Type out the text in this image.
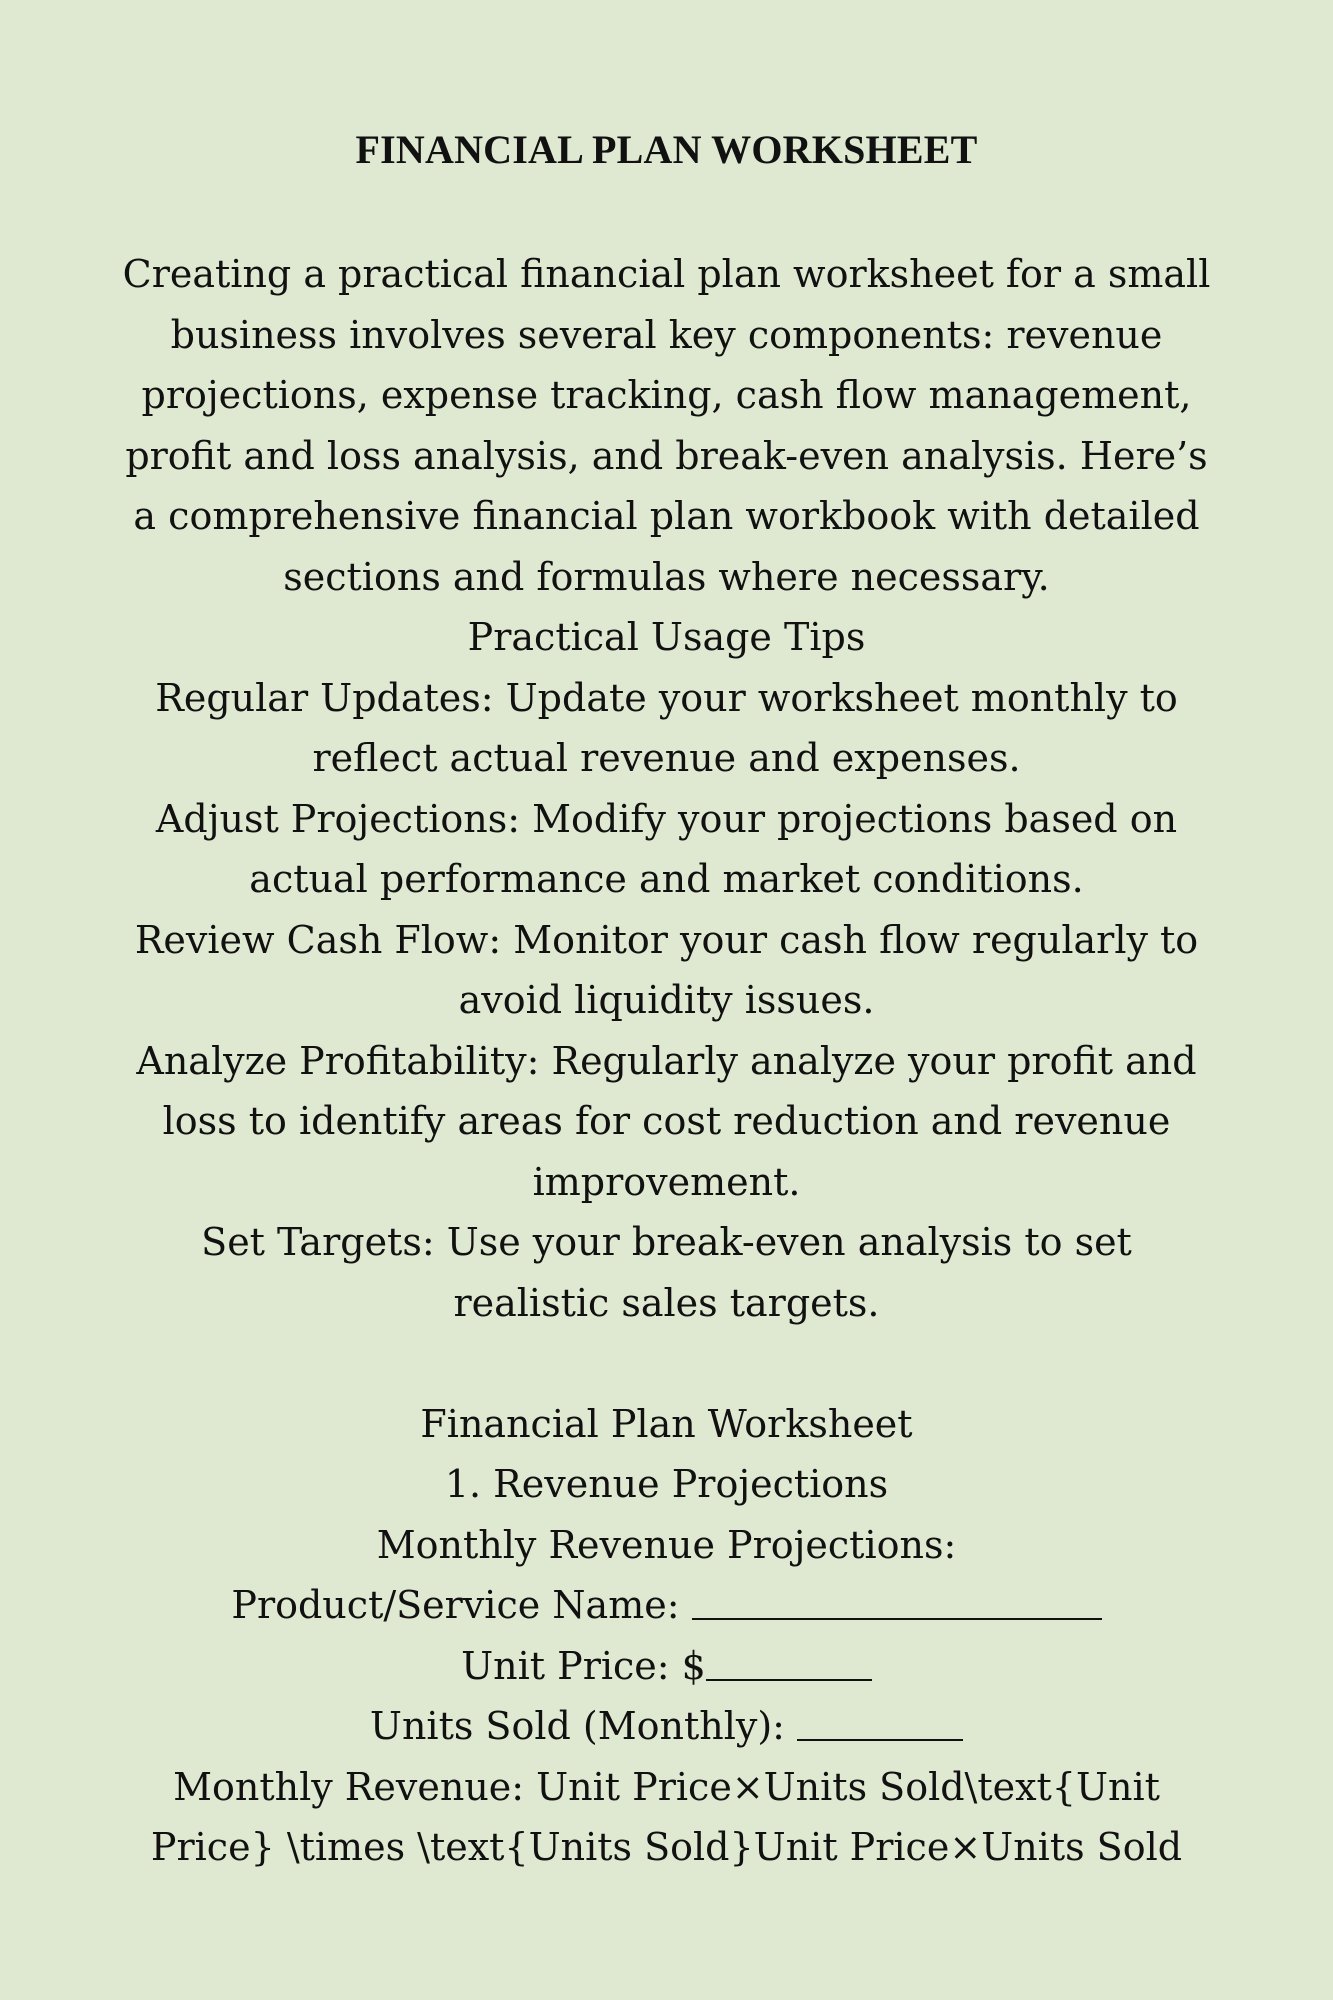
FINANCIAL PLAN WORKSHEET

Creating a practical financial plan worksheet for a small business involves several key components: revenue projections, expense tracking, cash flow management, profit and loss analysis, and break-even analysis. Here’s a comprehensive financial plan workbook with detailed sections and formulas where necessary.

Practical Usage Tips

Regular Updates: Update your worksheet monthly to reflect actual revenue and expenses.

Adjust Projections: Modify your projections based on actual performance and market conditions.

Review Cash Flow: Monitor your cash flow regularly to avoid liquidity issues.

Analyze Profitability: Regularly analyze your profit and loss to identify areas for cost reduction and revenue improvement.

Set Targets: Use your break-even analysis to set realistic sales targets.

Financial Plan Worksheet

1. Revenue Projections

Monthly Revenue Projections:

Product/Service Name:

Unit Price: $

Units Sold (Monthly):

Monthly Revenue: Unit Price×Units Sold\text{Unit Price} \times \text{Units Sold}Unit Price×Units Sold
